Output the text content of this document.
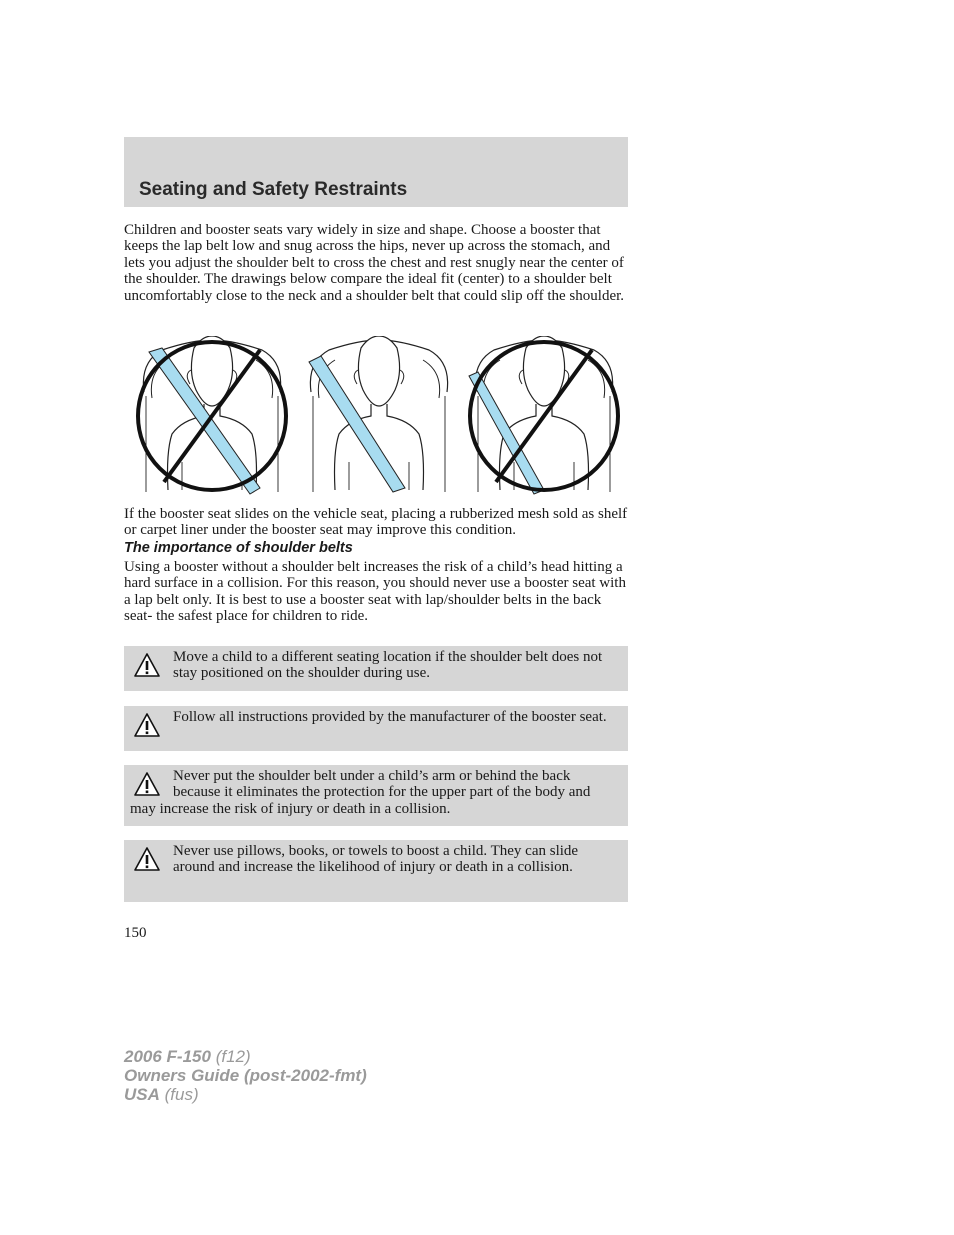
Seating and Safety Restraints

Children and booster seats vary widely in size and shape. Choose a booster that keeps the lap belt low and snug across the hips, never up across the stomach, and lets you adjust the shoulder belt to cross the chest and rest snugly near the center of the shoulder. The drawings below compare the ideal fit (center) to a shoulder belt uncomfortably close to the neck and a shoulder belt that could slip off the shoulder.

If the booster seat slides on the vehicle seat, placing a rubberized mesh sold as shelf or carpet liner under the booster seat may improve this condition.

The importance of shoulder belts

Using a booster without a shoulder belt increases the risk of a child’s head hitting a hard surface in a collision. For this reason, you should never use a booster seat with a lap belt only. It is best to use a booster seat with lap/shoulder belts in the back seat- the safest place for children to ride.

Move a child to a different seating location if the shoulder belt does not stay positioned on the shoulder during use.

Follow all instructions provided by the manufacturer of the booster seat.

Never put the shoulder belt under a child’s arm or behind the back because it eliminates the protection for the upper part of the body and may increase the risk of injury or death in a collision.

Never use pillows, books, or towels to boost a child. They can slide around and increase the likelihood of injury or death in a collision.

150

2006 F-150 (f12)
Owners Guide (post-2002-fmt)
USA (fus)
